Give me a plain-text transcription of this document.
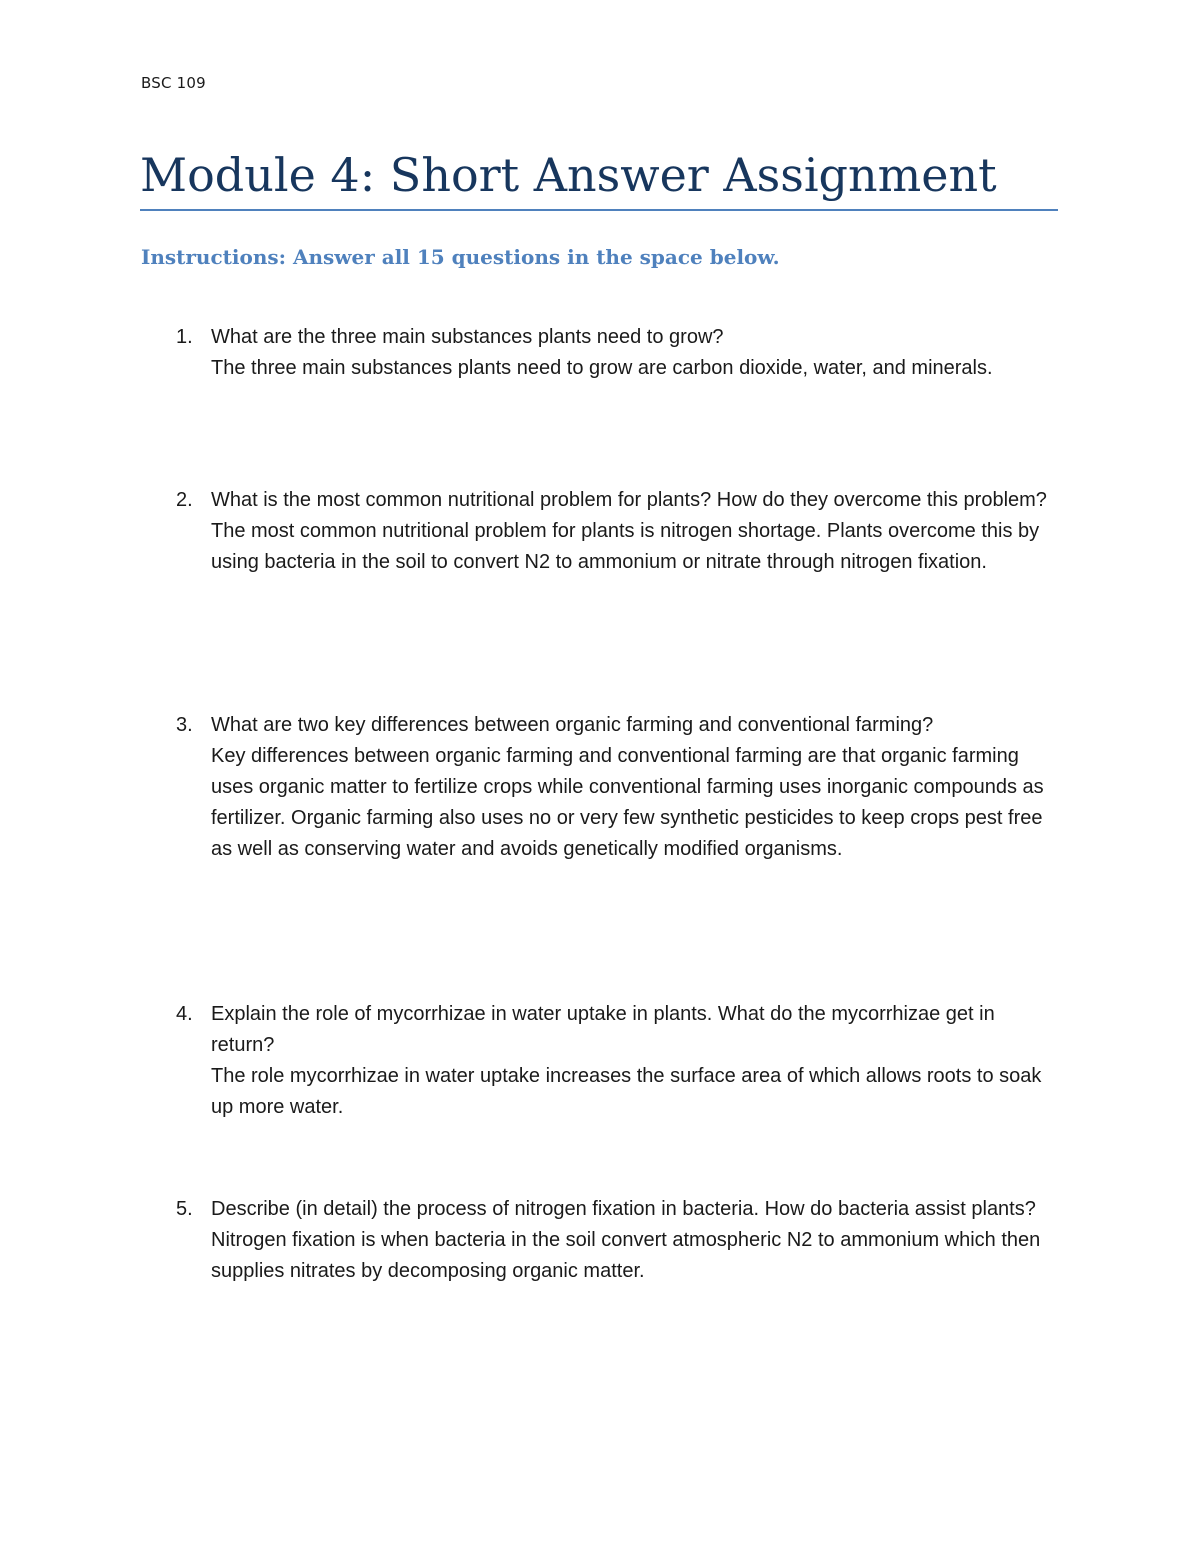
BSC 109
Module 4: Short Answer Assignment
Instructions: Answer all 15 questions in the space below.
1. What are the three main substances plants need to grow?

The three main substances plants need to grow are carbon dioxide, water, and minerals.

2. What is the most common nutritional problem for plants? How do they overcome this problem?

The most common nutritional problem for plants is nitrogen shortage. Plants overcome this by using bacteria in the soil to convert N2 to ammonium or nitrate through nitrogen fixation.

3. What are two key differences between organic farming and conventional farming?

Key differences between organic farming and conventional farming are that organic farming uses organic matter to fertilize crops while conventional farming uses inorganic compounds as fertilizer. Organic farming also uses no or very few synthetic pesticides to keep crops pest free as well as conserving water and avoids genetically modified organisms.

4. Explain the role of mycorrhizae in water uptake in plants. What do the mycorrhizae get in return?

The role mycorrhizae in water uptake increases the surface area of which allows roots to soak up more water.

5. Describe (in detail) the process of nitrogen fixation in bacteria. How do bacteria assist plants?

Nitrogen fixation is when bacteria in the soil convert atmospheric N2 to ammonium which then supplies nitrates by decomposing organic matter.
